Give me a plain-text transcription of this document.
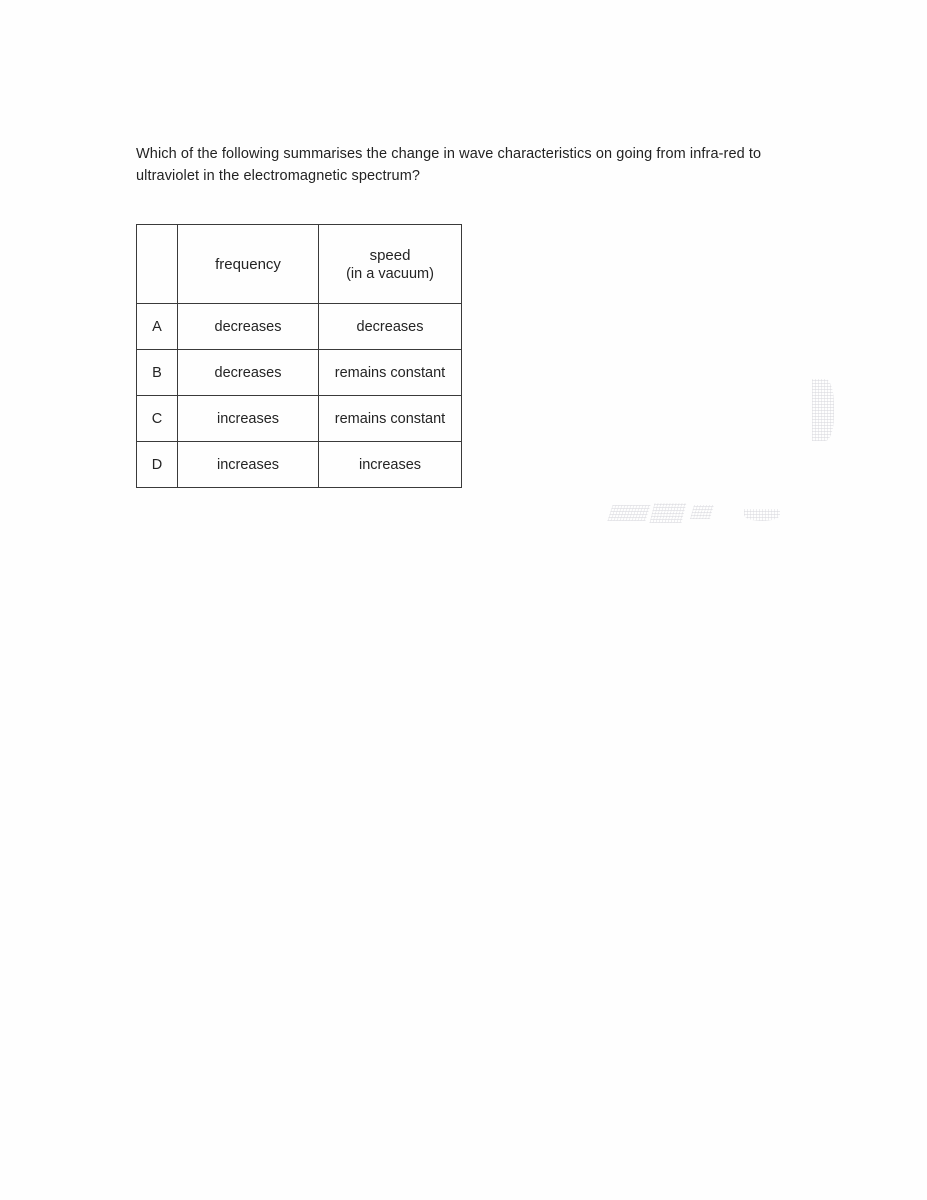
Which of the following summarises the change in wave characteristics on going from infra-red to ultraviolet in the electromagnetic spectrum?

	frequency	speed
(in a vacuum)

A	decreases	decreases
B	decreases	remains constant
C	increases	remains constant
D	increases	increases
